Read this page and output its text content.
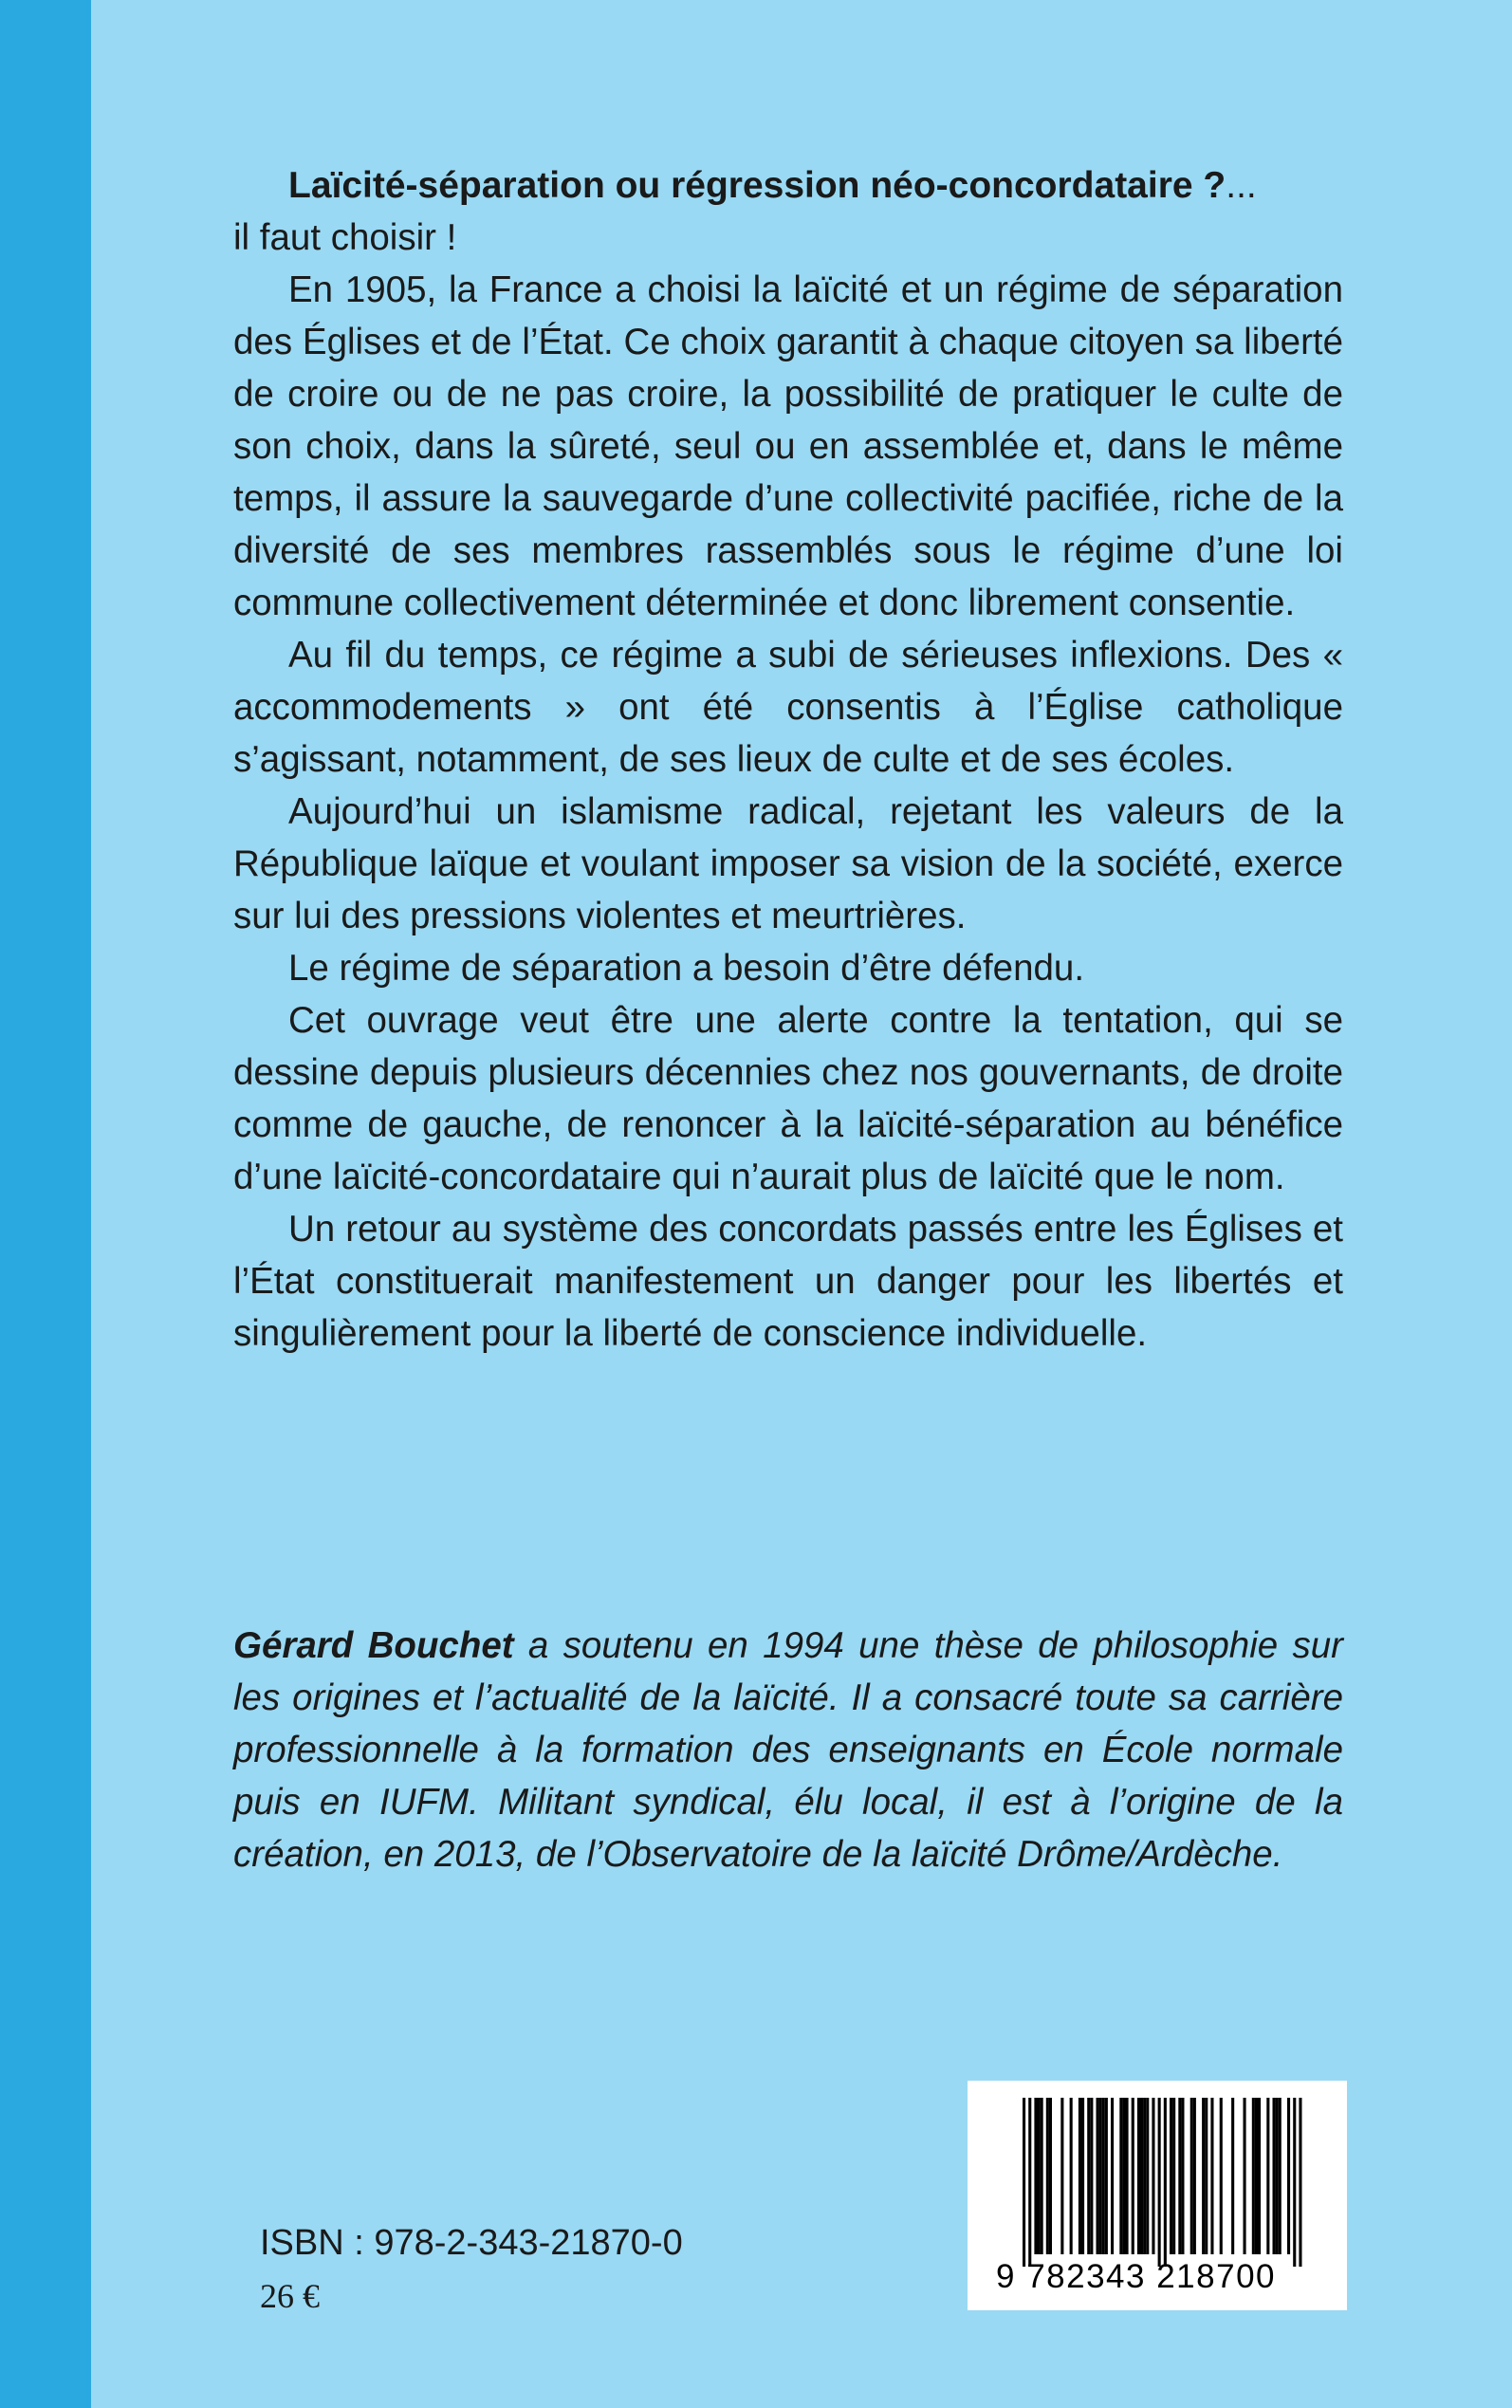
Laïcité-séparation ou régression néo-concordataire ?...

il faut choisir !

En 1905, la France a choisi la laïcité et un régime de séparation des Églises et de l’État. Ce choix garantit à chaque citoyen sa liberté de croire ou de ne pas croire, la possibilité de pratiquer le culte de son choix, dans la sûreté, seul ou en assemblée et, dans le même temps, il assure la sauvegarde d’une collectivité pacifiée, riche de la diversité de ses membres rassemblés sous le régime d’une loi commune collectivement déterminée et donc librement consentie.

Au fil du temps, ce régime a subi de sérieuses inflexions. Des « accommodements » ont été consentis à l’Église catholique s’agissant, notamment, de ses lieux de culte et de ses écoles.

Aujourd’hui un islamisme radical, rejetant les valeurs de la République laïque et voulant imposer sa vision de la société, exerce sur lui des pressions violentes et meurtrières.

Le régime de séparation a besoin d’être défendu.

Cet ouvrage veut être une alerte contre la tentation, qui se dessine depuis plusieurs décennies chez nos gouvernants, de droite comme de gauche, de renoncer à la laïcité-séparation au bénéfice d’une laïcité-concordataire qui n’aurait plus de laïcité que le nom.

Un retour au système des concordats passés entre les Églises et l’État constituerait manifestement un danger pour les libertés et singulièrement pour la liberté de conscience individuelle.

Gérard Bouchet a soutenu en 1994 une thèse de philosophie sur les origines et l’actualité de la laïcité. Il a consacré toute sa carrière professionnelle à la formation des enseignants en École normale puis en IUFM. Militant syndical, élu local, il est à l’origine de la création, en 2013, de l’Observatoire de la laïcité Drôme/Ardèche.

ISBN : 978-2-343-21870-0
26 €
9 782343 218700
